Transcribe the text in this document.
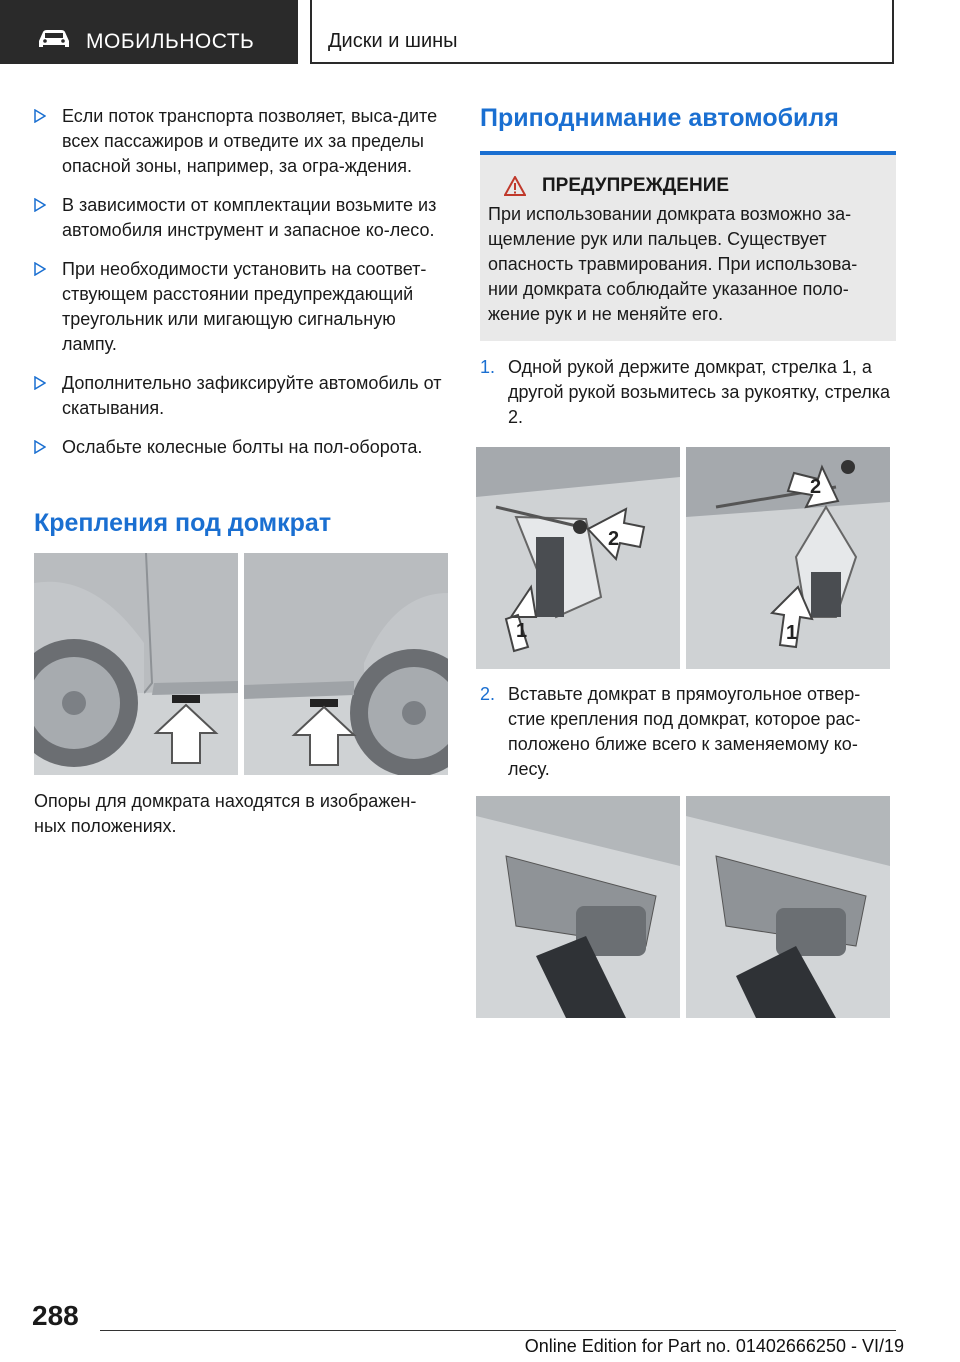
МОБИЛЬНОСТЬ	Диски и шины
Если поток транспорта позволяет, выса-дите всех пассажиров и отведите их за пределы опасной зоны, например, за огра-ждения.
В зависимости от комплектации возьмите из автомобиля инструмент и запасное ко-лесо.
При необходимости установить на соответ-ствующем расстоянии предупреждающий треугольник или мигающую сигнальную лампу.
Дополнительно зафиксируйте автомобиль от скатывания.
Ослабьте колесные болты на пол-оборота.
Крепления под домкрат
Опоры для домкрата находятся в изображен-ных положениях.
Приподнимание автомобиля
ПРЕДУПРЕЖДЕНИЕ
При использовании домкрата возможно за-щемление рук или пальцев. Существует опасность травмирования. При использова-нии домкрата соблюдайте указанное поло-жение рук и не меняйте его.
1. Одной рукой держите домкрат, стрелка 1, а другой рукой возьмитесь за рукоятку, стрелка 2.
1
2
2
1
2. Вставьте домкрат в прямоугольное отвер-стие крепления под домкрат, которое рас-положено ближе всего к заменяемому ко-лесу.
288
Online Edition for Part no. 01402666250 - VI/19
